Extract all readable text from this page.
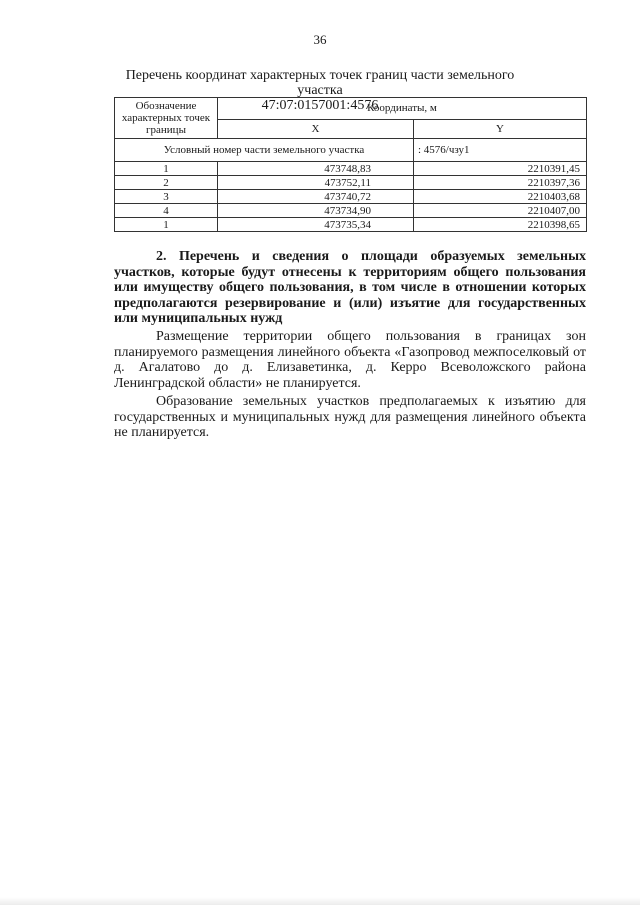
36
Перечень координат характерных точек границ части земельного участка
47:07:0157001:4576
Обозначение характерных точек границы	Координаты, м	
	X	Y
Условный номер части земельного участка		: 4576/чзу1
1	473748,83	2210391,45
2	473752,11	2210397,36
3	473740,72	2210403,68
4	473734,90	2210407,00
1	473735,34	2210398,65
2. Перечень и сведения о площади образуемых земельных участков, которые будут отнесены к территориям общего пользования или имуществу общего пользования, в том числе в отношении которых предполагаются резервирование и (или) изъятие для государственных или муниципальных нужд
Размещение территории общего пользования в границах зон планируемого размещения линейного объекта «Газопровод межпоселковый от д. Агалатово до д. Елизаветинка, д. Керро Всеволожского района Ленинградской области» не планируется.
Образование земельных участков предполагаемых к изъятию для государственных и муниципальных нужд для размещения линейного объекта не планируется.
